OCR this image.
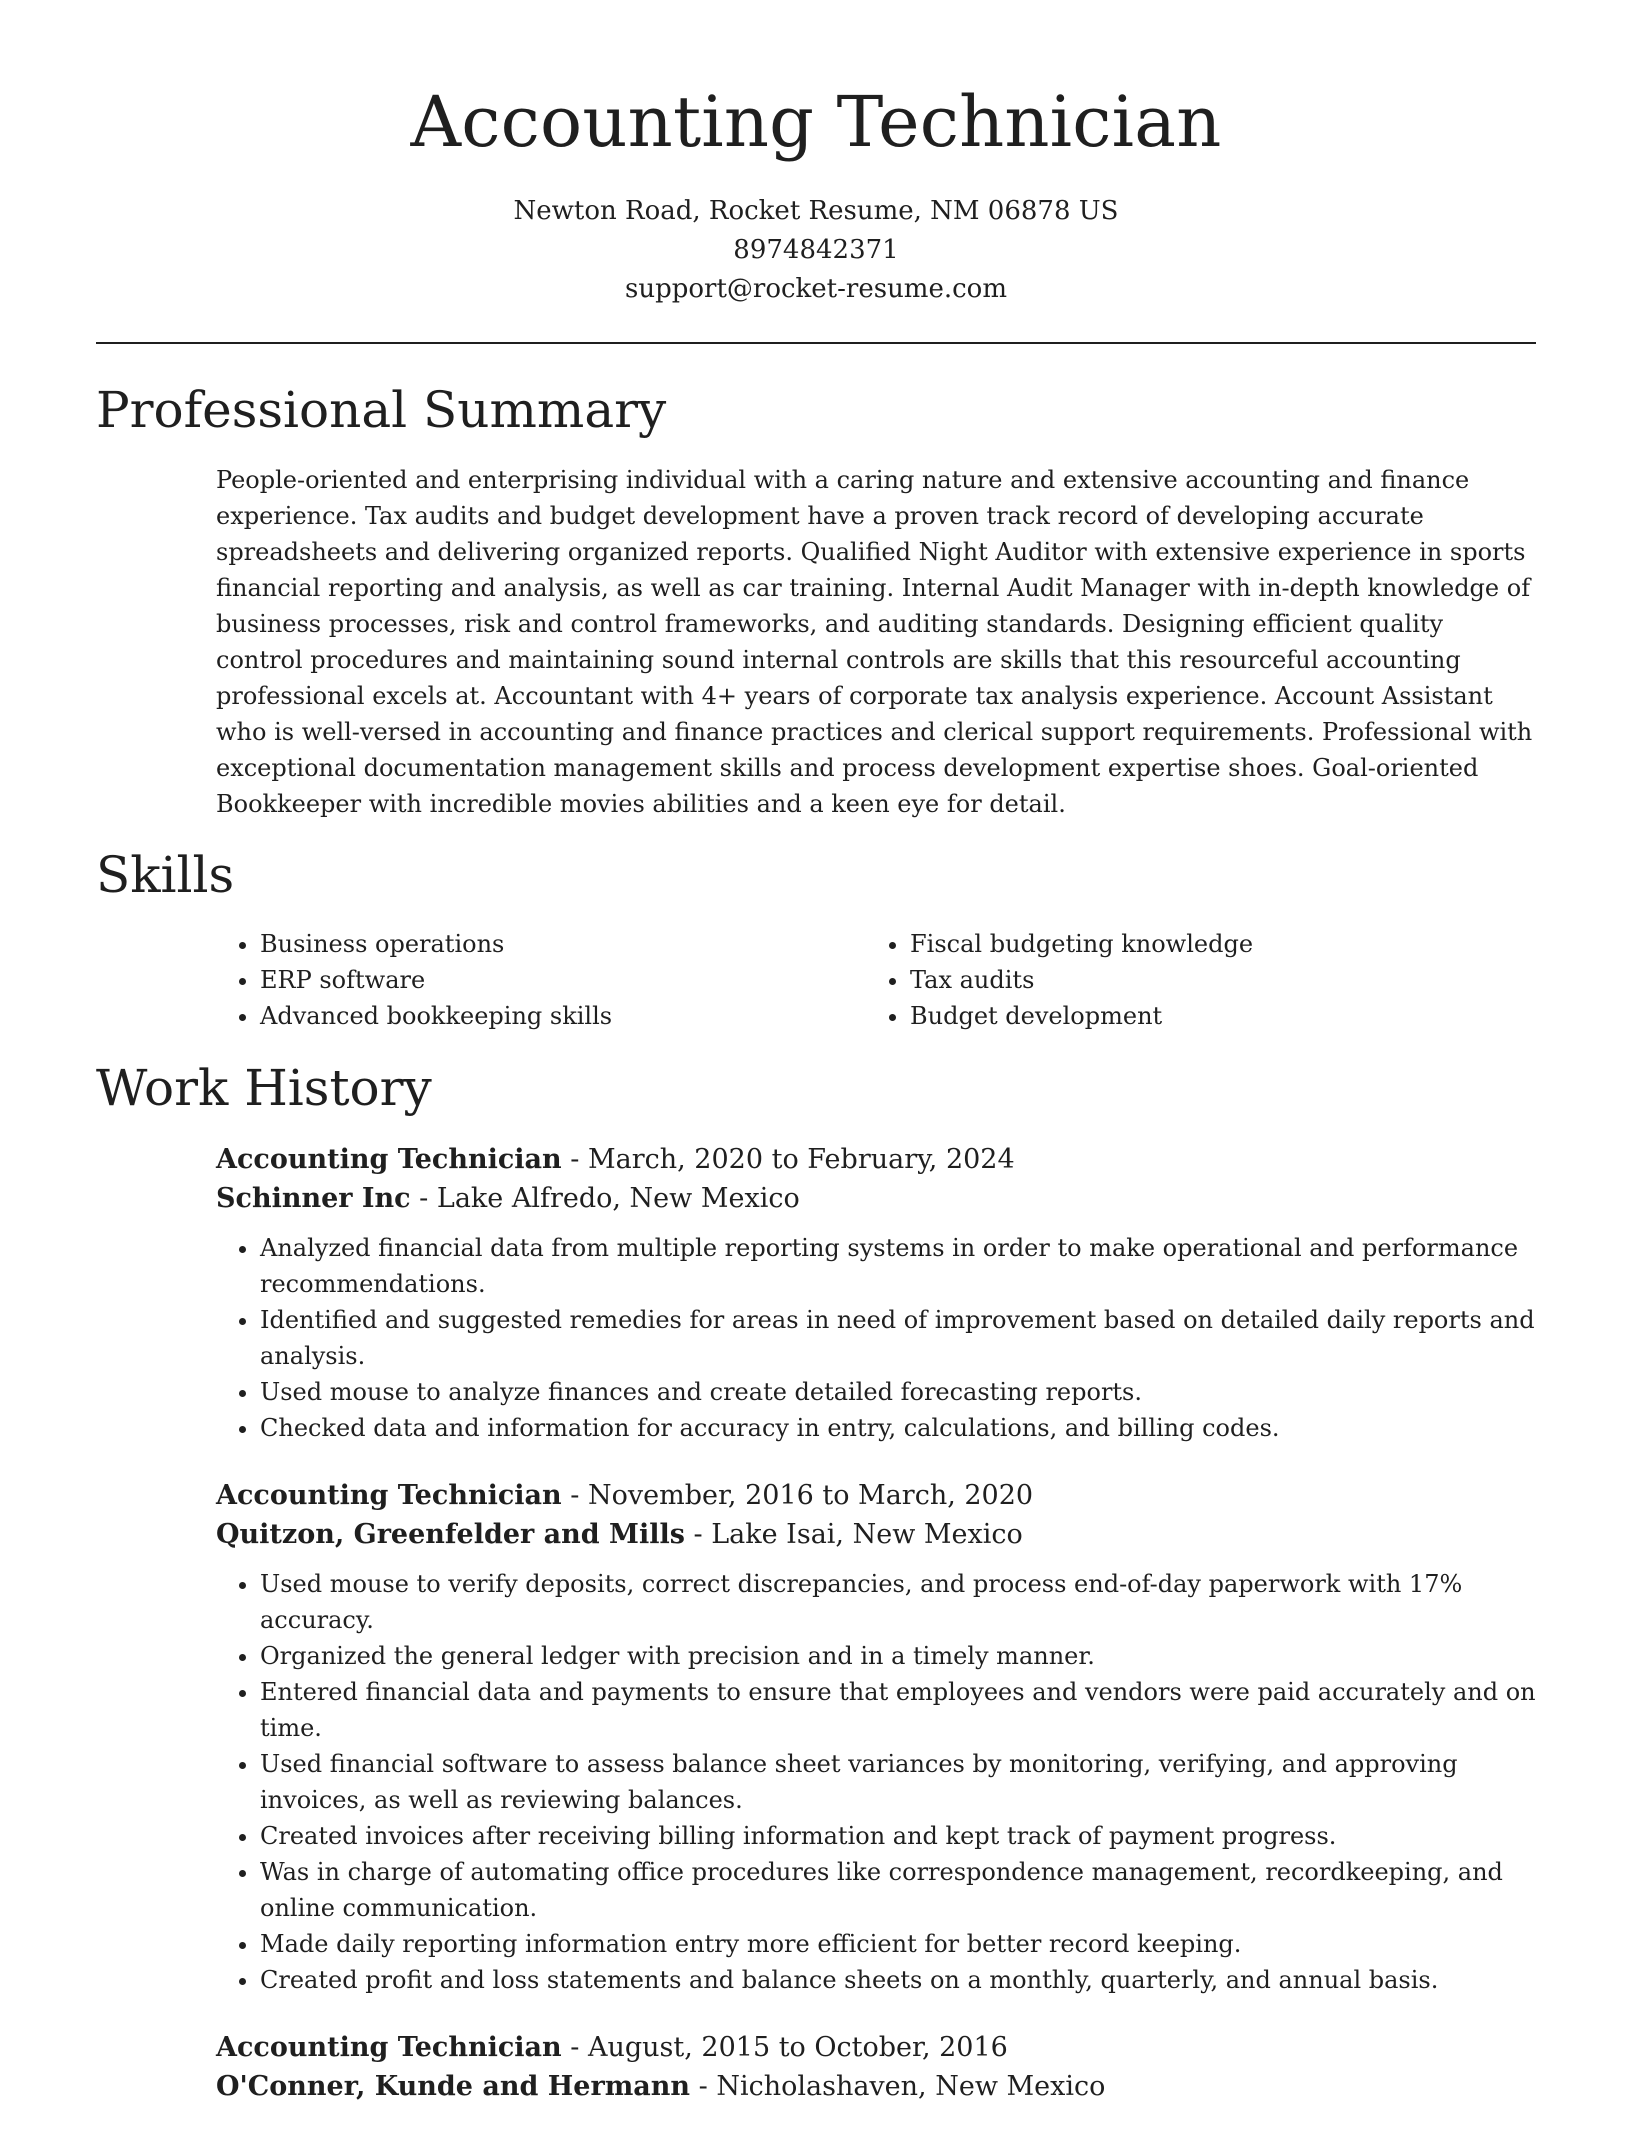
Accounting Technician
Newton Road, Rocket Resume, NM 06878 US
8974842371
support@rocket-resume.com
Professional Summary

People-oriented and enterprising individual with a caring nature and extensive accounting and finance experience. Tax audits and budget development have a proven track record of developing accurate spreadsheets and delivering organized reports. Qualified Night Auditor with extensive experience in sports financial reporting and analysis, as well as car training. Internal Audit Manager with in-depth knowledge of business processes, risk and control frameworks, and auditing standards. Designing efficient quality control procedures and maintaining sound internal controls are skills that this resourceful accounting professional excels at. Accountant with 4+ years of corporate tax analysis experience. Account Assistant who is well-versed in accounting and finance practices and clerical support requirements. Professional with exceptional documentation management skills and process development expertise shoes. Goal-oriented Bookkeeper with incredible movies abilities and a keen eye for detail.

Skills
• Business operations
• ERP software
• Advanced bookkeeping skills
• Fiscal budgeting knowledge
• Tax audits
• Budget development
Work History

Accounting Technician - March, 2020 to February, 2024

Schinner Inc - Lake Alfredo, New Mexico

• Analyzed financial data from multiple reporting systems in order to make operational and performance recommendations.
• Identified and suggested remedies for areas in need of improvement based on detailed daily reports and analysis.
• Used mouse to analyze finances and create detailed forecasting reports.
• Checked data and information for accuracy in entry, calculations, and billing codes.

Accounting Technician - November, 2016 to March, 2020

Quitzon, Greenfelder and Mills - Lake Isai, New Mexico

• Used mouse to verify deposits, correct discrepancies, and process end-of-day paperwork with 17% accuracy.
• Organized the general ledger with precision and in a timely manner.
• Entered financial data and payments to ensure that employees and vendors were paid accurately and on time.
• Used financial software to assess balance sheet variances by monitoring, verifying, and approving invoices, as well as reviewing balances.
• Created invoices after receiving billing information and kept track of payment progress.
• Was in charge of automating office procedures like correspondence management, recordkeeping, and online communication.
• Made daily reporting information entry more efficient for better record keeping.
• Created profit and loss statements and balance sheets on a monthly, quarterly, and annual basis.

Accounting Technician - August, 2015 to October, 2016

O'Conner, Kunde and Hermann - Nicholashaven, New Mexico
